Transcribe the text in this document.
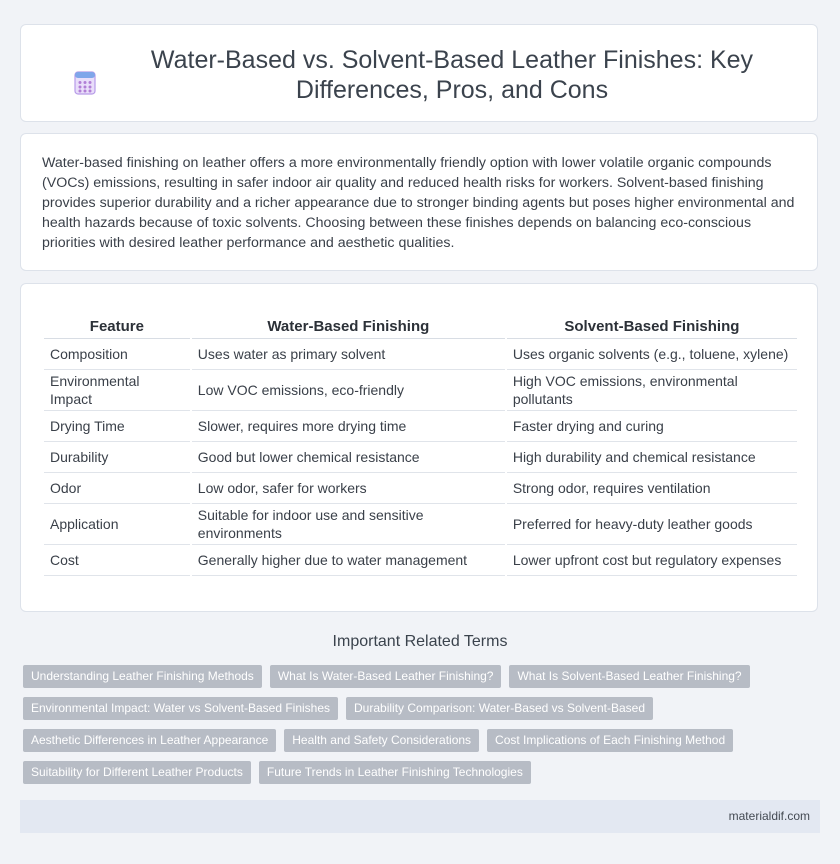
Water-Based vs. Solvent-Based Leather Finishes: Key Differences, Pros, and Cons

Water-based finishing on leather offers a more environmentally friendly option with lower volatile organic compounds (VOCs) emissions, resulting in safer indoor air quality and reduced health risks for workers. Solvent-based finishing provides superior durability and a richer appearance due to stronger binding agents but poses higher environmental and health hazards because of toxic solvents. Choosing between these finishes depends on balancing eco-conscious priorities with desired leather performance and aesthetic qualities.

Feature	Water-Based Finishing	Solvent-Based Finishing
Composition	Uses water as primary solvent	Uses organic solvents (e.g., toluene, xylene)
Environmental Impact	Low VOC emissions, eco-friendly	High VOC emissions, environmental pollutants
Drying Time	Slower, requires more drying time	Faster drying and curing
Durability	Good but lower chemical resistance	High durability and chemical resistance
Odor	Low odor, safer for workers	Strong odor, requires ventilation
Application	Suitable for indoor use and sensitive environments	Preferred for heavy-duty leather goods
Cost	Generally higher due to water management	Lower upfront cost but regulatory expenses
Important Related Terms
Understanding Leather Finishing Methods	What Is Water-Based Leather Finishing?	What Is Solvent-Based Leather Finishing?
Environmental Impact: Water vs Solvent-Based Finishes	Durability Comparison: Water-Based vs Solvent-Based
Aesthetic Differences in Leather Appearance	Health and Safety Considerations	Cost Implications of Each Finishing Method
Suitability for Different Leather Products	Future Trends in Leather Finishing Technologies
materialdif.com
